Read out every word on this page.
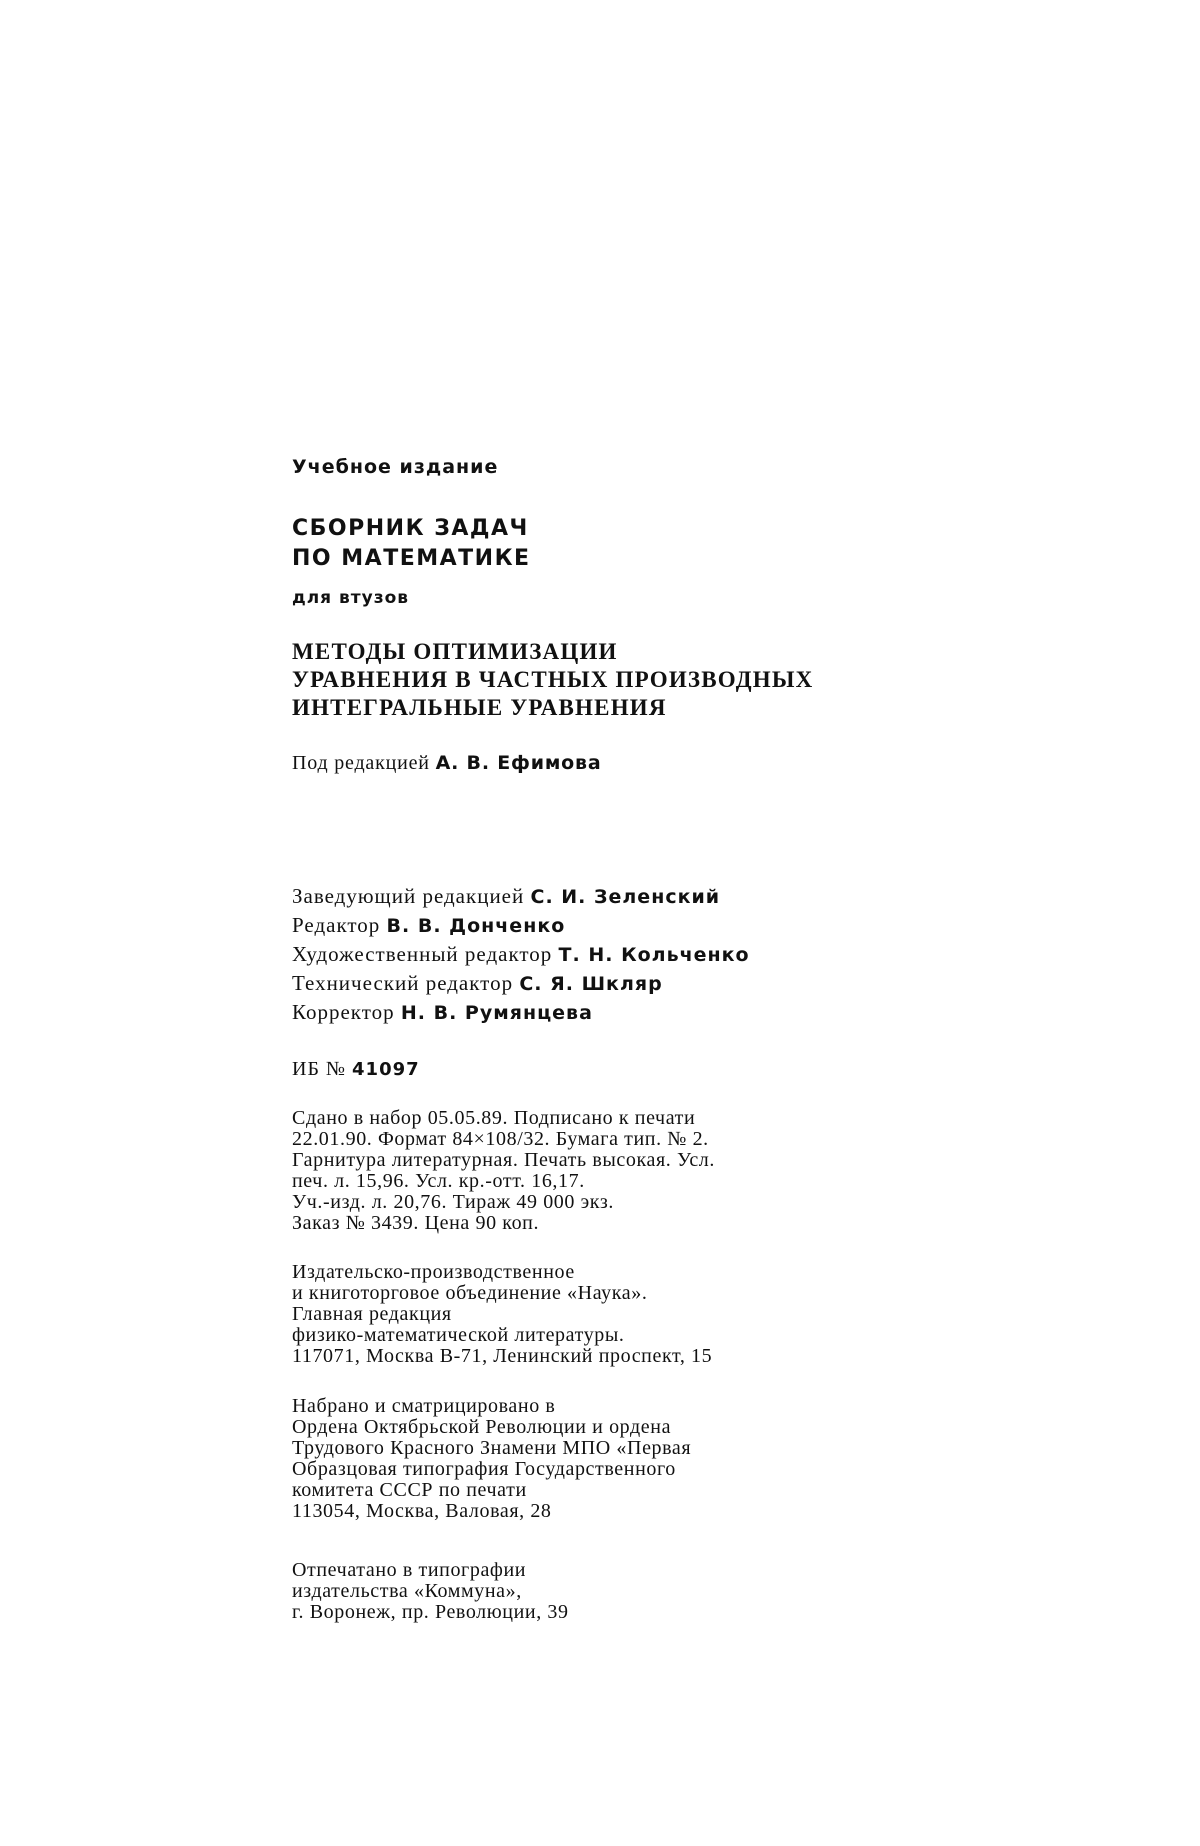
Учебное издание
СБОРНИК ЗАДАЧ
ПО МАТЕМАТИКЕ
для втузов
МЕТОДЫ ОПТИМИЗАЦИИ
УРАВНЕНИЯ В ЧАСТНЫХ ПРОИЗВОДНЫХ
ИНТЕГРАЛЬНЫЕ УРАВНЕНИЯ
Под редакцией А. В. Ефимова
Заведующий редакцией С. И. Зеленский
Редактор В. В. Донченко
Художественный редактор Т. Н. Кольченко
Технический редактор С. Я. Шкляр
Корректор Н. В. Румянцева
ИБ № 41097
Сдано в набор 05.05.89. Подписано к печати
22.01.90. Формат 84×108/32. Бумага тип. № 2.
Гарнитура литературная. Печать высокая. Усл.
печ. л. 15,96. Усл. кр.-отт. 16,17.
Уч.-изд. л. 20,76. Тираж 49 000 экз.
Заказ № 3439. Цена 90 коп.
Издательско-производственное
и книготорговое объединение «Наука».
Главная редакция
физико-математической литературы.
117071, Москва В-71, Ленинский проспект, 15
Набрано и сматрицировано в
Ордена Октябрьской Революции и ордена
Трудового Красного Знамени МПО «Первая
Образцовая типография Государственного
комитета СССР по печати
113054, Москва, Валовая, 28
Отпечатано в типографии
издательства «Коммуна»,
г. Воронеж, пр. Революции, 39
